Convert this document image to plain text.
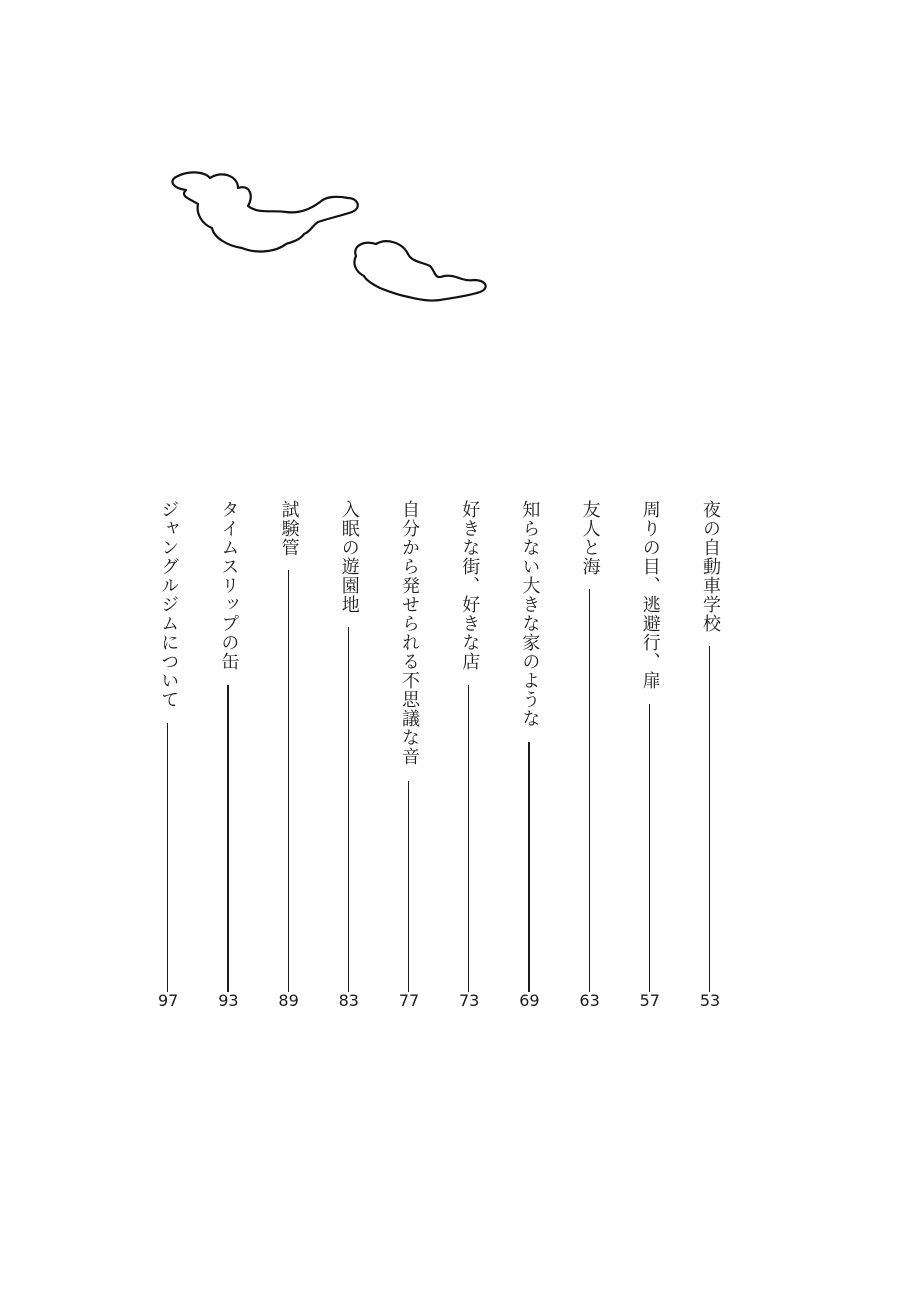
夜の自動車学校
53
周りの目、逃避行、扉
57
友人と海
63
知らない大きな家のような
69
好きな街、好きな店
73
自分から発せられる不思議な音
77
入眠の遊園地
83
試験管
89
タイムスリップの缶
93
ジャングルジムについて
97
